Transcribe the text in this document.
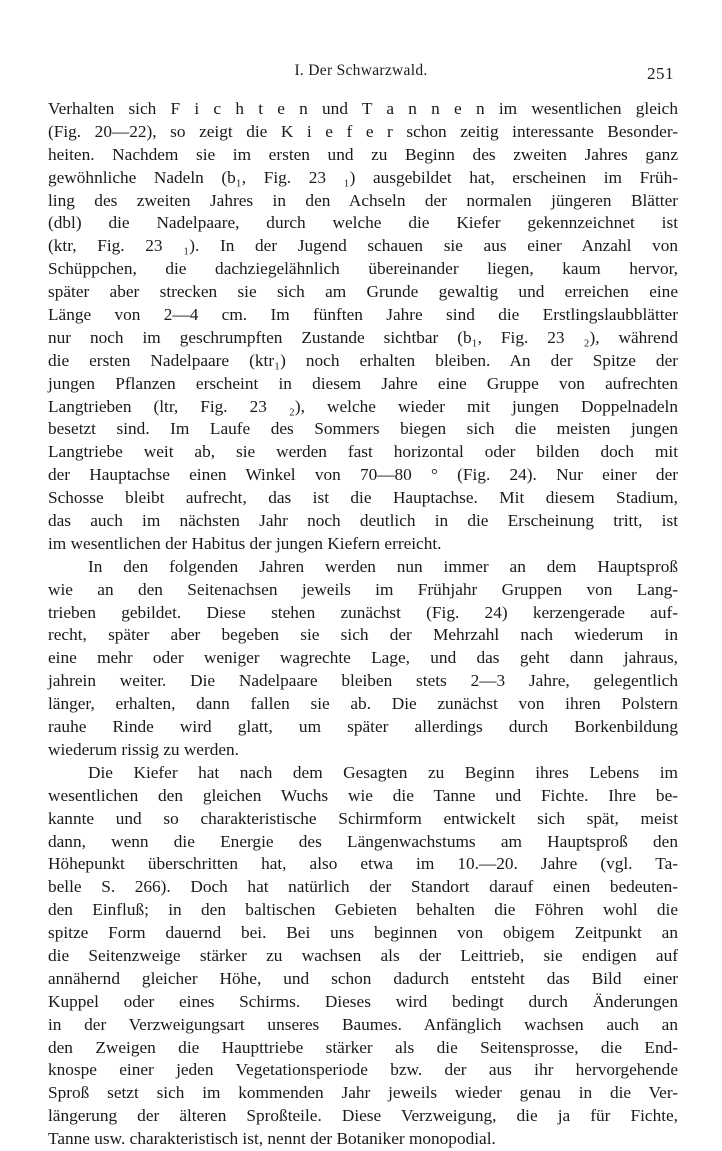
I. Der Schwarzwald.	251
Verhalten sich F i c h t e n und T a n n e n im wesentlichen gleich
(Fig. 20—22), so zeigt die K i e f e r schon zeitig interessante Besonder-
heiten. Nachdem sie im ersten und zu Beginn des zweiten Jahres ganz
gewöhnliche Nadeln (b₁, Fig. 23 ₁) ausgebildet hat, erscheinen im Früh-
ling des zweiten Jahres in den Achseln der normalen jüngeren Blätter
(dbl) die Nadelpaare, durch welche die Kiefer gekennzeichnet ist
(ktr, Fig. 23 ₁). In der Jugend schauen sie aus einer Anzahl von
Schüppchen, die dachziegelähnlich übereinander liegen, kaum hervor,
später aber strecken sie sich am Grunde gewaltig und erreichen eine
Länge von 2—4 cm. Im fünften Jahre sind die Erstlingslaubblätter
nur noch im geschrumpften Zustande sichtbar (b₁, Fig. 23 ₂), während
die ersten Nadelpaare (ktr₁) noch erhalten bleiben. An der Spitze der
jungen Pflanzen erscheint in diesem Jahre eine Gruppe von aufrechten
Langtrieben (ltr, Fig. 23 ₂), welche wieder mit jungen Doppelnadeln
besetzt sind. Im Laufe des Sommers biegen sich die meisten jungen
Langtriebe weit ab, sie werden fast horizontal oder bilden doch mit
der Hauptachse einen Winkel von 70—80 ° (Fig. 24). Nur einer der
Schosse bleibt aufrecht, das ist die Hauptachse. Mit diesem Stadium,
das auch im nächsten Jahr noch deutlich in die Erscheinung tritt, ist
im wesentlichen der Habitus der jungen Kiefern erreicht.
In den folgenden Jahren werden nun immer an dem Hauptsproß
wie an den Seitenachsen jeweils im Frühjahr Gruppen von Lang-
trieben gebildet. Diese stehen zunächst (Fig. 24) kerzengerade auf-
recht, später aber begeben sie sich der Mehrzahl nach wiederum in
eine mehr oder weniger wagrechte Lage, und das geht dann jahraus,
jahrein weiter. Die Nadelpaare bleiben stets 2—3 Jahre, gelegentlich
länger, erhalten, dann fallen sie ab. Die zunächst von ihren Polstern
rauhe Rinde wird glatt, um später allerdings durch Borkenbildung
wiederum rissig zu werden.
Die Kiefer hat nach dem Gesagten zu Beginn ihres Lebens im
wesentlichen den gleichen Wuchs wie die Tanne und Fichte. Ihre be-
kannte und so charakteristische Schirmform entwickelt sich spät, meist
dann, wenn die Energie des Längenwachstums am Hauptsproß den
Höhepunkt überschritten hat, also etwa im 10.—20. Jahre (vgl. Ta-
belle S. 266). Doch hat natürlich der Standort darauf einen bedeuten-
den Einfluß; in den baltischen Gebieten behalten die Föhren wohl die
spitze Form dauernd bei. Bei uns beginnen von obigem Zeitpunkt an
die Seitenzweige stärker zu wachsen als der Leittrieb, sie endigen auf
annähernd gleicher Höhe, und schon dadurch entsteht das Bild einer
Kuppel oder eines Schirms. Dieses wird bedingt durch Änderungen
in der Verzweigungsart unseres Baumes. Anfänglich wachsen auch an
den Zweigen die Haupttriebe stärker als die Seitensprosse, die End-
knospe einer jeden Vegetationsperiode bzw. der aus ihr hervorgehende
Sproß setzt sich im kommenden Jahr jeweils wieder genau in die Ver-
längerung der älteren Sproßteile. Diese Verzweigung, die ja für Fichte,
Tanne usw. charakteristisch ist, nennt der Botaniker monopodial.
